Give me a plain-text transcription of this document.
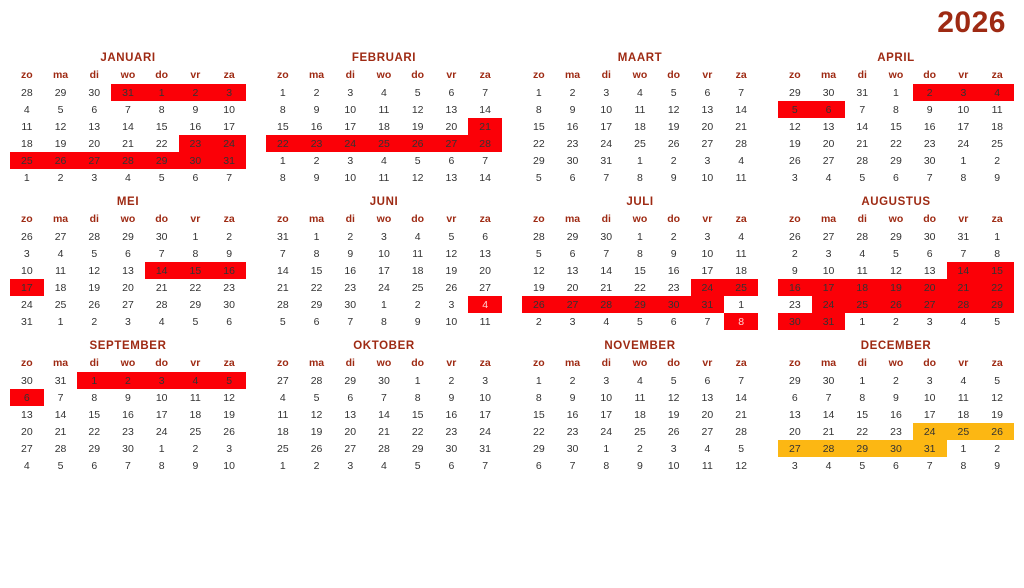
2026
JANUARI
zo	ma	di	wo	do	vr	za
28	29	30	31	1	2	3
4	5	6	7	8	9	10
11	12	13	14	15	16	17
18	19	20	21	22	23	24
25	26	27	28	29	30	31
1	2	3	4	5	6	7
FEBRUARI
zo	ma	di	wo	do	vr	za
1	2	3	4	5	6	7
8	9	10	11	12	13	14
15	16	17	18	19	20	21
22	23	24	25	26	27	28
1	2	3	4	5	6	7
8	9	10	11	12	13	14
MAART
zo	ma	di	wo	do	vr	za
1	2	3	4	5	6	7
8	9	10	11	12	13	14
15	16	17	18	19	20	21
22	23	24	25	26	27	28
29	30	31	1	2	3	4
5	6	7	8	9	10	11
APRIL
zo	ma	di	wo	do	vr	za
29	30	31	1	2	3	4
5	6	7	8	9	10	11
12	13	14	15	16	17	18
19	20	21	22	23	24	25
26	27	28	29	30	1	2
3	4	5	6	7	8	9
MEI
zo	ma	di	wo	do	vr	za
26	27	28	29	30	1	2
3	4	5	6	7	8	9
10	11	12	13	14	15	16
17	18	19	20	21	22	23
24	25	26	27	28	29	30
31	1	2	3	4	5	6
JUNI
zo	ma	di	wo	do	vr	za
31	1	2	3	4	5	6
7	8	9	10	11	12	13
14	15	16	17	18	19	20
21	22	23	24	25	26	27
28	29	30	1	2	3	4
5	6	7	8	9	10	11
JULI
zo	ma	di	wo	do	vr	za
28	29	30	1	2	3	4
5	6	7	8	9	10	11
12	13	14	15	16	17	18
19	20	21	22	23	24	25
26	27	28	29	30	31	1
2	3	4	5	6	7	8
AUGUSTUS
zo	ma	di	wo	do	vr	za
26	27	28	29	30	31	1
2	3	4	5	6	7	8
9	10	11	12	13	14	15
16	17	18	19	20	21	22
23	24	25	26	27	28	29
30	31	1	2	3	4	5
SEPTEMBER
zo	ma	di	wo	do	vr	za
30	31	1	2	3	4	5
6	7	8	9	10	11	12
13	14	15	16	17	18	19
20	21	22	23	24	25	26
27	28	29	30	1	2	3
4	5	6	7	8	9	10
OKTOBER
zo	ma	di	wo	do	vr	za
27	28	29	30	1	2	3
4	5	6	7	8	9	10
11	12	13	14	15	16	17
18	19	20	21	22	23	24
25	26	27	28	29	30	31
1	2	3	4	5	6	7
NOVEMBER
zo	ma	di	wo	do	vr	za
1	2	3	4	5	6	7
8	9	10	11	12	13	14
15	16	17	18	19	20	21
22	23	24	25	26	27	28
29	30	1	2	3	4	5
6	7	8	9	10	11	12
DECEMBER
zo	ma	di	wo	do	vr	za
29	30	1	2	3	4	5
6	7	8	9	10	11	12
13	14	15	16	17	18	19
20	21	22	23	24	25	26
27	28	29	30	31	1	2
3	4	5	6	7	8	9
